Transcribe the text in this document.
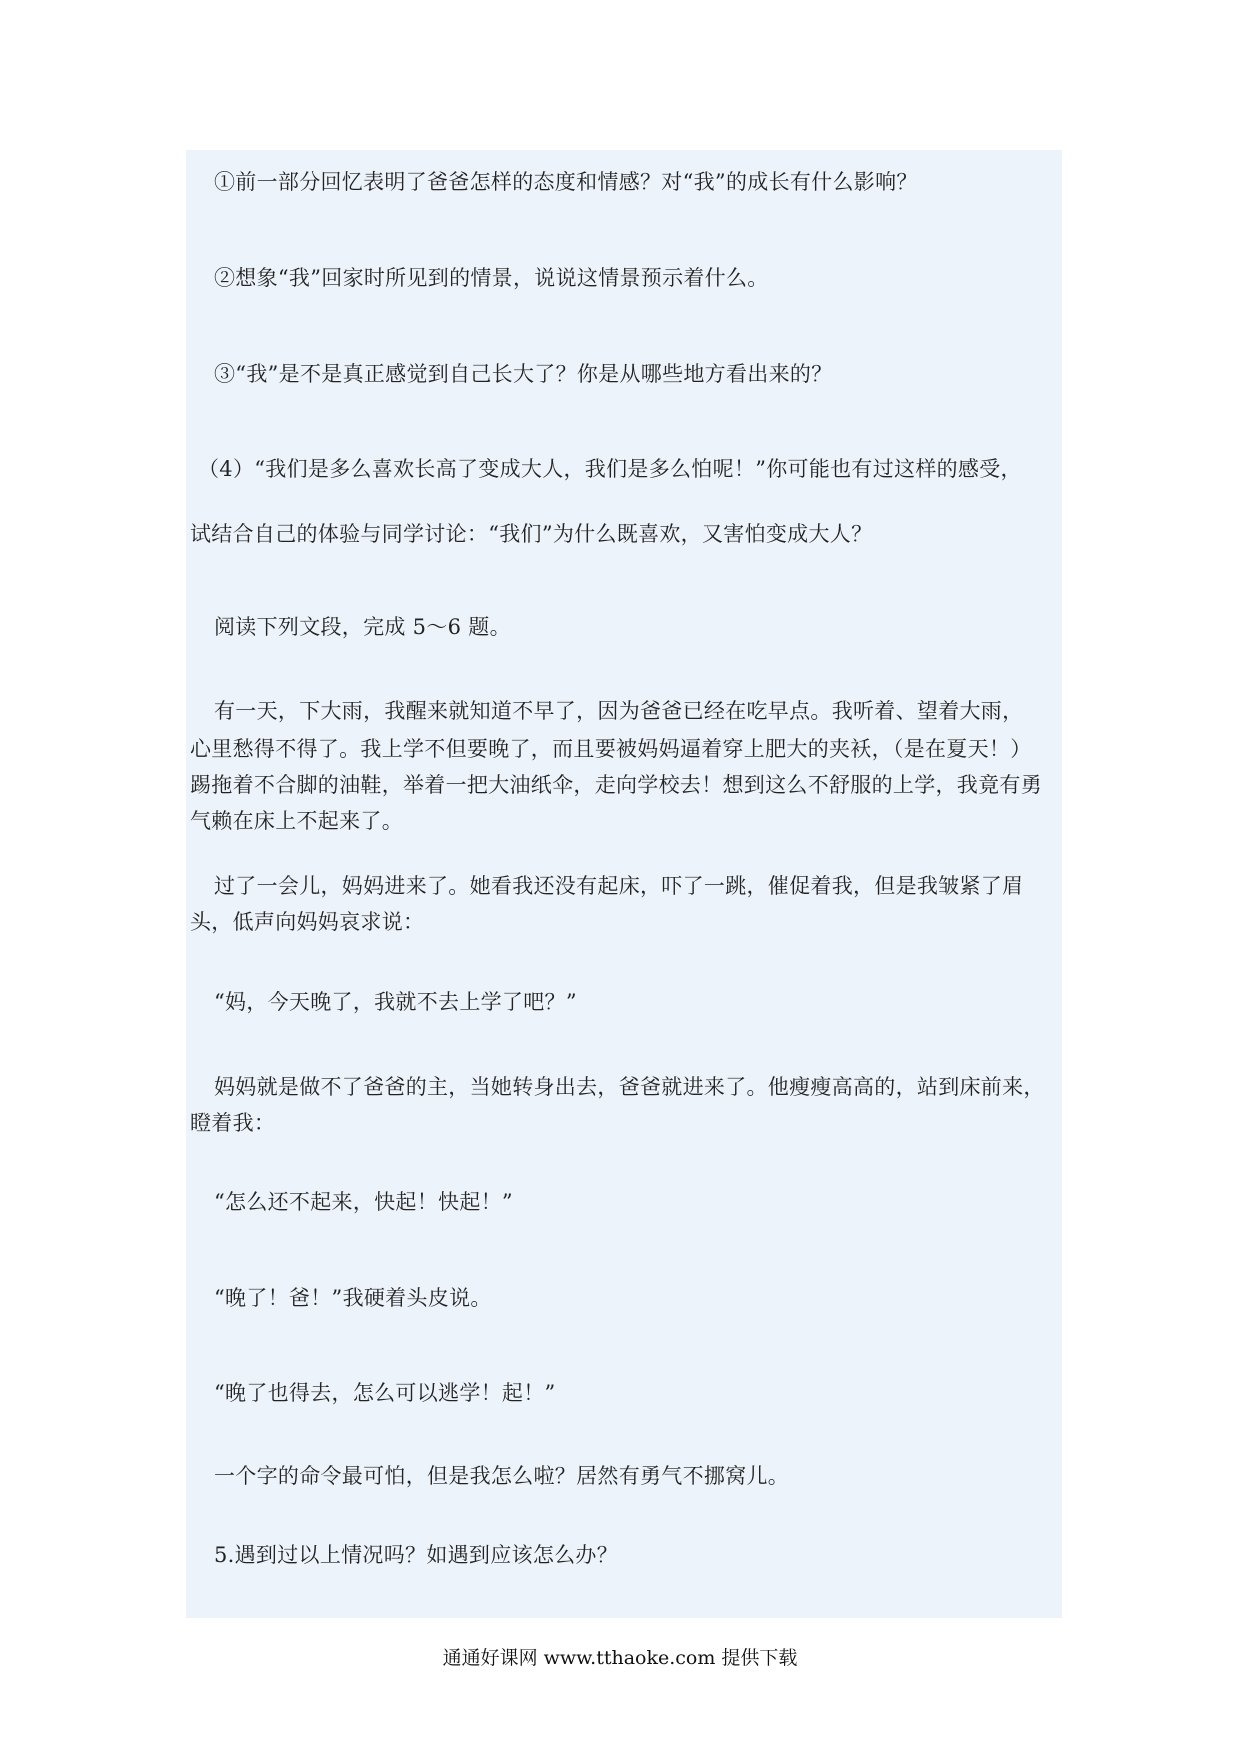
①前一部分回忆表明了爸爸怎样的态度和情感？对“我”的成长有什么影响？
②想象“我”回家时所见到的情景，说说这情景预示着什么。
③“我”是不是真正感觉到自己长大了？你是从哪些地方看出来的？
（4）“我们是多么喜欢长高了变成大人，我们是多么怕呢！”你可能也有过这样的感受，
试结合自己的体验与同学讨论：“我们”为什么既喜欢，又害怕变成大人？
阅读下列文段，完成 5～6 题。
有一天，下大雨，我醒来就知道不早了，因为爸爸已经在吃早点。我听着、望着大雨，
心里愁得不得了。我上学不但要晚了，而且要被妈妈逼着穿上肥大的夹袄，（是在夏天！）
踢拖着不合脚的油鞋，举着一把大油纸伞，走向学校去！想到这么不舒服的上学，我竟有勇
气赖在床上不起来了。
过了一会儿，妈妈进来了。她看我还没有起床，吓了一跳，催促着我，但是我皱紧了眉
头，低声向妈妈哀求说：
“妈，今天晚了，我就不去上学了吧？”
妈妈就是做不了爸爸的主，当她转身出去，爸爸就进来了。他瘦瘦高高的，站到床前来，
瞪着我：
“怎么还不起来，快起！快起！”
“晚了！爸！”我硬着头皮说。
“晚了也得去，怎么可以逃学！起！”
一个字的命令最可怕，但是我怎么啦？居然有勇气不挪窝儿。
5.遇到过以上情况吗？如遇到应该怎么办？
通通好课网 www.tthaoke.com 提供下载
